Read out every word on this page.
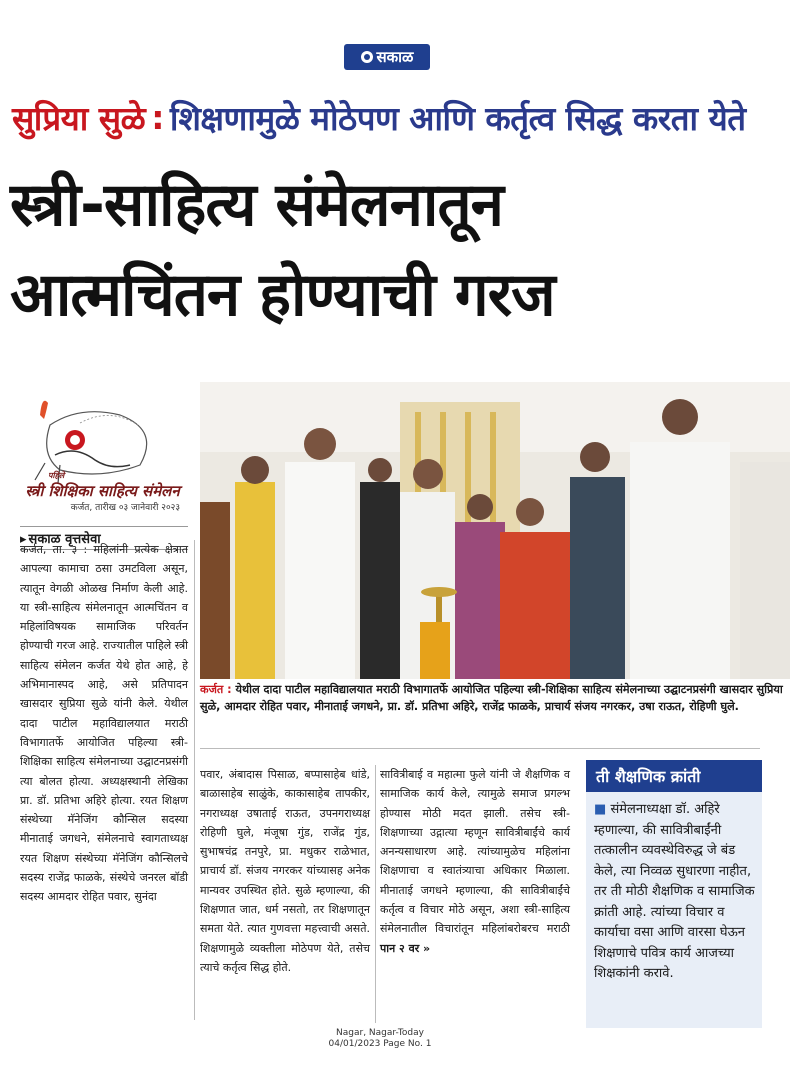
सकाळ
सुप्रिया सुळे : शिक्षणामुळे मोठेपण आणि कर्तृत्व सिद्ध करता येते
स्त्री-साहित्य संमेलनातून
आत्मचिंतन होण्याची गरज
पहिले
स्त्री शिक्षिका साहित्य संमेलन
कर्जत, तारीख ०३ जानेवारी २०२३
▸ सकाळ वृत्तसेवा
कर्जत : येथील दादा पाटील महाविद्यालयात मराठी विभागातर्फे आयोजित पहिल्या स्त्री-शिक्षिका साहित्य संमेलनाच्या उद्घाटनप्रसंगी खासदार सुप्रिया सुळे, आमदार रोहित पवार, मीनाताई जगधने, प्रा. डॉ. प्रतिभा अहिरे, राजेंद्र फाळके, प्राचार्य संजय नगरकर, उषा राऊत, रोहिणी घुले.
कर्जत, ता. ३ : महिलांनी प्रत्येक क्षेत्रात आपल्या कामाचा ठसा उमटविला असून, त्यातून वेगळी ओळख निर्माण केली आहे. या स्त्री-साहित्य संमेलनातून आत्मचिंतन व महिलांविषयक सामाजिक परिवर्तन होण्याची गरज आहे. राज्यातील पाहिले स्त्री साहित्य संमेलन कर्जत येथे होत आहे, हे अभिमानास्पद आहे, असे प्रतिपादन खासदार सुप्रिया सुळे यांनी केले. येथील दादा पाटील महाविद्यालयात मराठी विभागातर्फे आयोजित पहिल्या स्त्री-शिक्षिका साहित्य संमेलनाच्या उद्घाटनप्रसंगी त्या बोलत होत्या. अध्यक्षस्थानी लेखिका प्रा. डॉ. प्रतिभा अहिरे होत्या. रयत शिक्षण संस्थेच्या मॅनेजिंग कौन्सिल सदस्या मीनाताई जगधने, संमेलनाचे स्वागताध्यक्ष रयत शिक्षण संस्थेच्या मॅनेजिंग कौन्सिलचे सदस्य राजेंद्र फाळके, संस्थेचे जनरल बॉडी सदस्य आमदार रोहित पवार, सुनंदा
पवार, अंबादास पिसाळ, बप्पासाहेब धांडे, बाळासाहेब साळुंके, काकासाहेब तापकीर, नगराध्यक्ष उषाताई राऊत, उपनगराध्यक्ष रोहिणी घुले, मंजूषा गुंड, राजेंद्र गुंड, सुभाषचंद्र तनपुरे, प्रा. मधुकर राळेभात, प्राचार्य डॉ. संजय नगरकर यांच्यासह अनेक मान्यवर उपस्थित होते. सुळे म्हणाल्या, की शिक्षणात जात, धर्म नसतो, तर शिक्षणातून समता येते. त्यात गुणवत्ता महत्त्वाची असते. शिक्षणामुळे व्यक्तीला मोठेपण येते, तसेच त्याचे कर्तृत्व सिद्ध होते.
सावित्रीबाई व महात्मा फुले यांनी जे शैक्षणिक व सामाजिक कार्य केले, त्यामुळे समाज प्रगल्भ होण्यास मोठी मदत झाली. तसेच स्त्री-शिक्षणाच्या उद्गात्या म्हणून सावित्रीबाईंचे कार्य अनन्यसाधारण आहे. त्यांच्यामुळेच महिलांना शिक्षणाचा व स्वातंत्र्याचा अधिकार मिळाला. मीनाताई जगधने म्हणाल्या, की सावित्रीबाईंचे कर्तृत्व व विचार मोठे असून, अशा स्त्री-साहित्य संमेलनातील विचारांतून महिलांबरोबरच मराठी पान २ वर »
ती शैक्षणिक क्रांती
■ संमेलनाध्यक्षा डॉ. अहिरे म्हणाल्या, की सावित्रीबाईंनी तत्कालीन व्यवस्थेविरुद्ध जे बंड केले, त्या निव्वळ सुधारणा नाहीत, तर ती मोठी शैक्षणिक व सामाजिक क्रांती आहे. त्यांच्या विचार व कार्याचा वसा आणि वारसा घेऊन शिक्षणाचे पवित्र कार्य आजच्या शिक्षकांनी करावे.
Nagar, Nagar-Today
04/01/2023 Page No. 1
